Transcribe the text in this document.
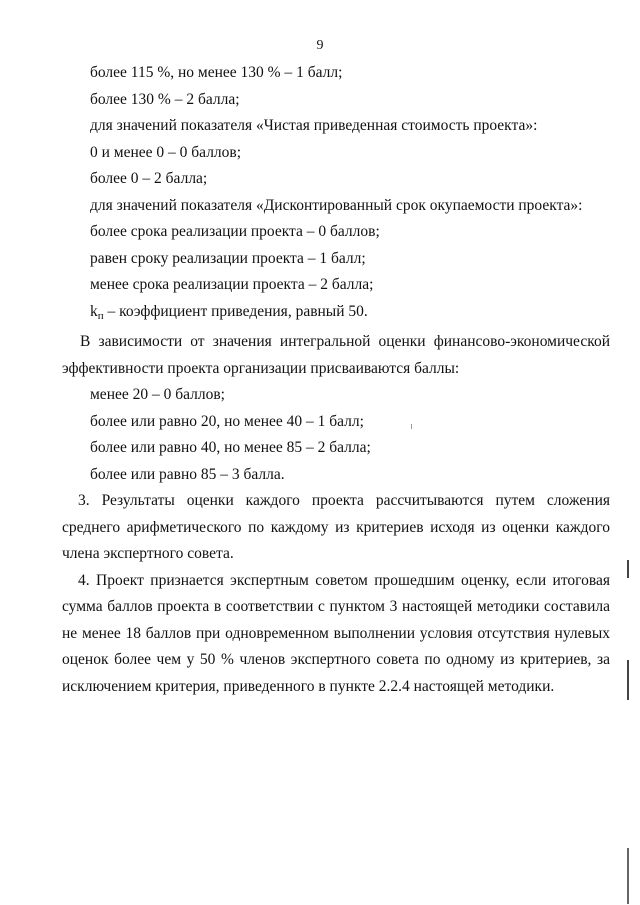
9

более 115 %, но менее 130 % – 1 балл;

более 130 % – 2 балла;

для значений показателя «Чистая приведенная стоимость проекта»:

0 и менее 0 – 0 баллов;

более 0 – 2 балла;

для значений показателя «Дисконтированный срок окупаемости проекта»:

более срока реализации проекта – 0 баллов;

равен сроку реализации проекта – 1 балл;

менее срока реализации проекта – 2 балла;

$k_п$ – коэффициент приведения, равный 50.

В зависимости от значения интегральной оценки финансово-экономической эффективности проекта организации присваиваются баллы:

менее 20 – 0 баллов;

более или равно 20, но менее 40 – 1 балл;

более или равно 40, но менее 85 – 2 балла;

более или равно 85 – 3 балла.

3. Результаты оценки каждого проекта рассчитываются путем сложения среднего арифметического по каждому из критериев исходя из оценки каждого члена экспертного совета.

4. Проект признается экспертным советом прошедшим оценку, если итоговая сумма баллов проекта в соответствии с пунктом 3 настоящей методики составила не менее 18 баллов при одновременном выполнении условия отсутствия нулевых оценок более чем у 50 % членов экспертного совета по одному из критериев, за исключением критерия, приведенного в пункте 2.2.4 настоящей методики.
